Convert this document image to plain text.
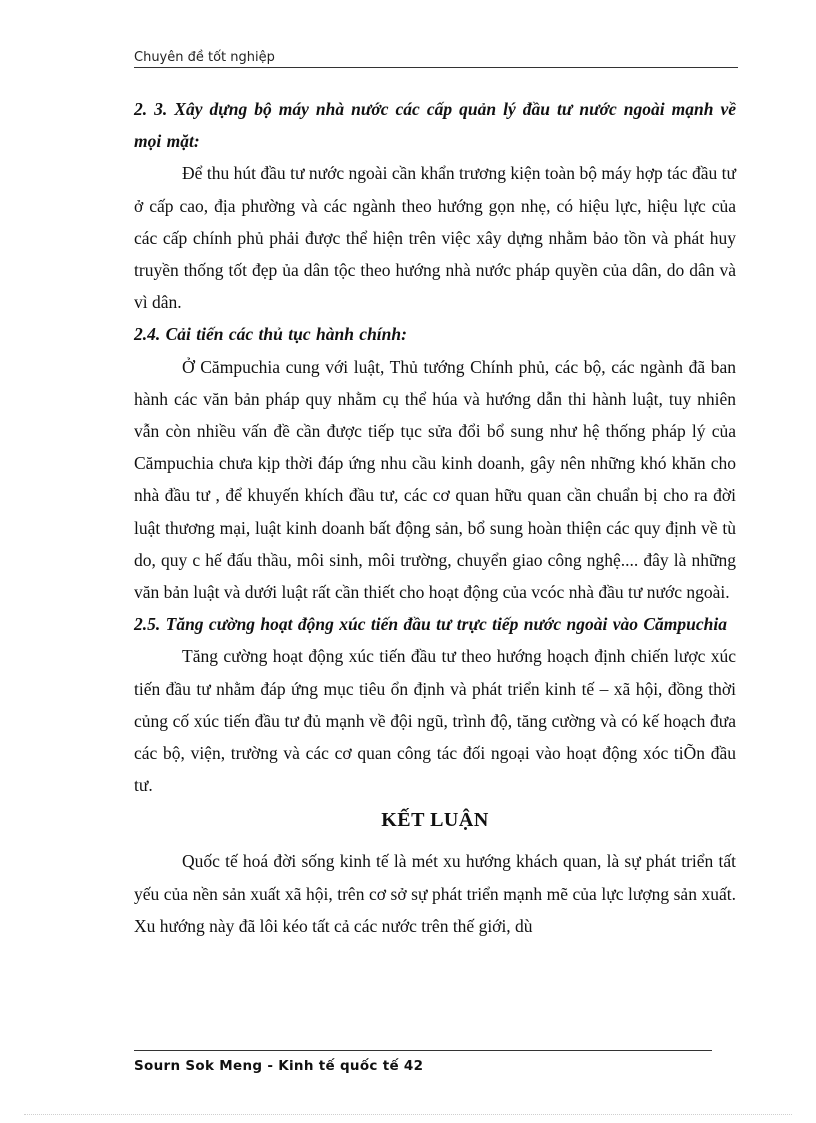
Chuyên đề tốt nghiệp

2. 3. Xây dựng bộ máy nhà nước các cấp quản lý đầu tư nước ngoài mạnh về mọi mặt:

Để thu hút đầu tư nước ngoài cần khẩn trương kiện toàn bộ máy hợp tác đầu tư ở cấp cao, địa phường và các ngành theo hướng gọn nhẹ, có hiệu lực, hiệu lực của các cấp chính phủ phải được thể hiện trên việc xây dựng nhằm bảo tồn và phát huy truyền thống tốt đẹp ủa dân tộc theo hướng nhà nước pháp quyền của dân, do dân và vì dân.

2.4. Cải tiến các thủ tục hành chính:

Ở Cămpuchia cung với luật, Thủ tướng Chính phủ, các bộ, các ngành đã ban hành các văn bản pháp quy nhằm cụ thể húa và hướng dẫn thi hành luật, tuy nhiên vẫn còn nhiều vấn đề cần được tiếp tục sửa đổi bổ sung như hệ thống pháp lý của Cămpuchia chưa kịp thời đáp ứng nhu cầu kinh doanh, gây nên những khó khăn cho nhà đầu tư , để khuyến khích đầu tư, các cơ quan hữu quan cần chuẩn bị cho ra đời luật thương mại, luật kinh doanh bất động sản, bổ sung hoàn thiện các quy định về tù do, quy c hế đấu thầu, môi sinh, môi trường, chuyển giao công nghệ.... đây là những văn bản luật và dưới luật rất cần thiết cho hoạt động của vcóc nhà đầu tư nước ngoài.

2.5. Tăng cường hoạt động xúc tiến đầu tư trực tiếp nước ngoài vào Cămpuchia

Tăng cường hoạt động xúc tiến đầu tư theo hướng hoạch định chiến lược xúc tiến đầu tư nhằm đáp ứng mục tiêu ổn định và phát triển kinh tế – xã hội, đồng thời củng cố xúc tiến đầu tư đủ mạnh về đội ngũ, trình độ, tăng cường và có kế hoạch đưa các bộ, viện, trường và các cơ quan công tác đối ngoại vào hoạt động xóc tiÕn đầu tư.

KẾT LUẬN

Quốc tế hoá đời sống kinh tế là mét xu hướng khách quan, là sự phát triển tất yếu của nền sản xuất xã hội, trên cơ sở sự phát triển mạnh mẽ của lực lượng sản xuất. Xu hướng này đã lôi kéo tất cả các nước trên thế giới, dù

Sourn Sok Meng - Kinh tế quốc tế 42
